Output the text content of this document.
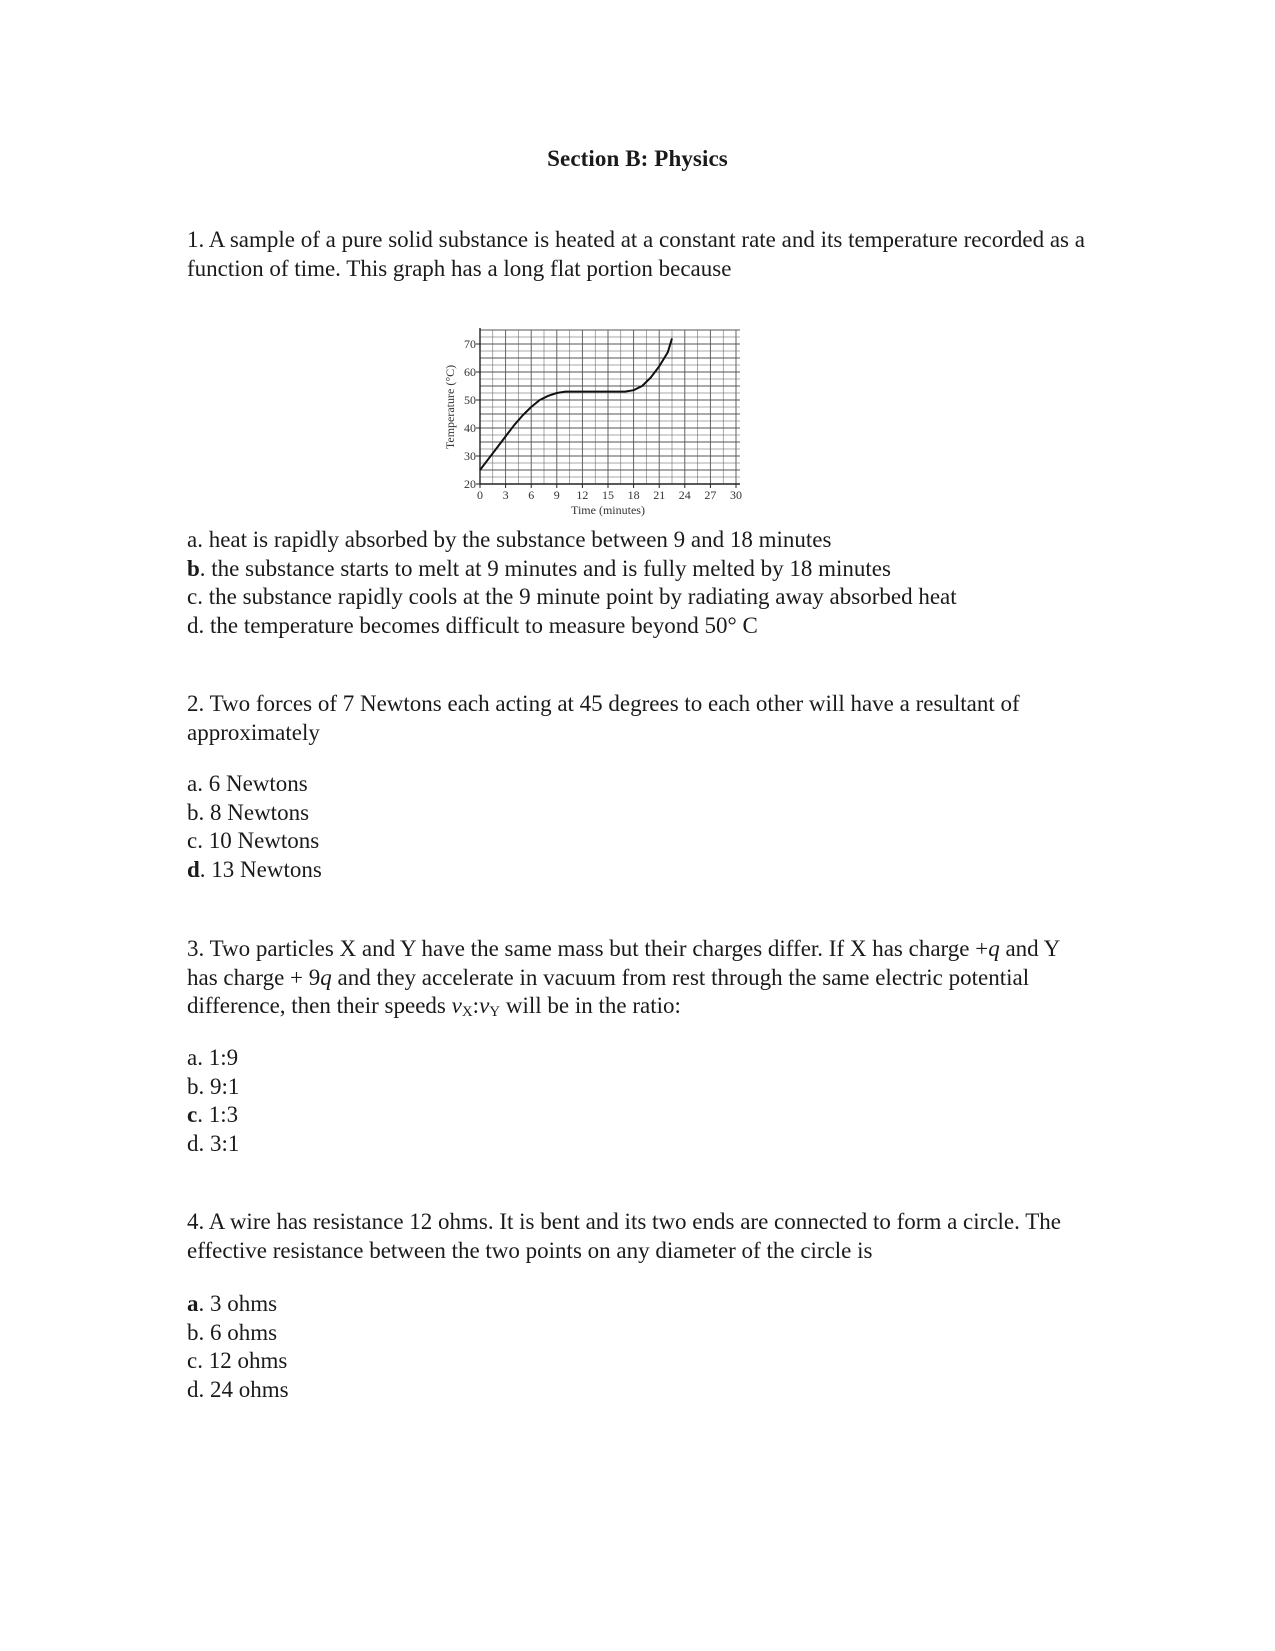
Section B: Physics
1. A sample of a pure solid substance is heated at a constant rate and its temperature recorded as a function of time. This graph has a long flat portion because
0 3 6 9 12 15 18 21 24 27 30
20
30
40
50
60
70
Time (minutes)
Temperature (°C)
a. heat is rapidly absorbed by the substance between 9 and 18 minutes
b. the substance starts to melt at 9 minutes and is fully melted by 18 minutes
c. the substance rapidly cools at the 9 minute point by radiating away absorbed heat
d. the temperature becomes difficult to measure beyond 50° C
2. Two forces of 7 Newtons each acting at 45 degrees to each other will have a resultant of approximately
a. 6 Newtons
b. 8 Newtons
c. 10 Newtons
d. 13 Newtons
3. Two particles X and Y have the same mass but their charges differ. If X has charge +q and Y has charge + 9q and they accelerate in vacuum from rest through the same electric potential difference, then their speeds $v_X:v_Y$ will be in the ratio:
a. 1:9
b. 9:1
c. 1:3
d. 3:1
4. A wire has resistance 12 ohms. It is bent and its two ends are connected to form a circle. The effective resistance between the two points on any diameter of the circle is
a. 3 ohms
b. 6 ohms
c. 12 ohms
d. 24 ohms
